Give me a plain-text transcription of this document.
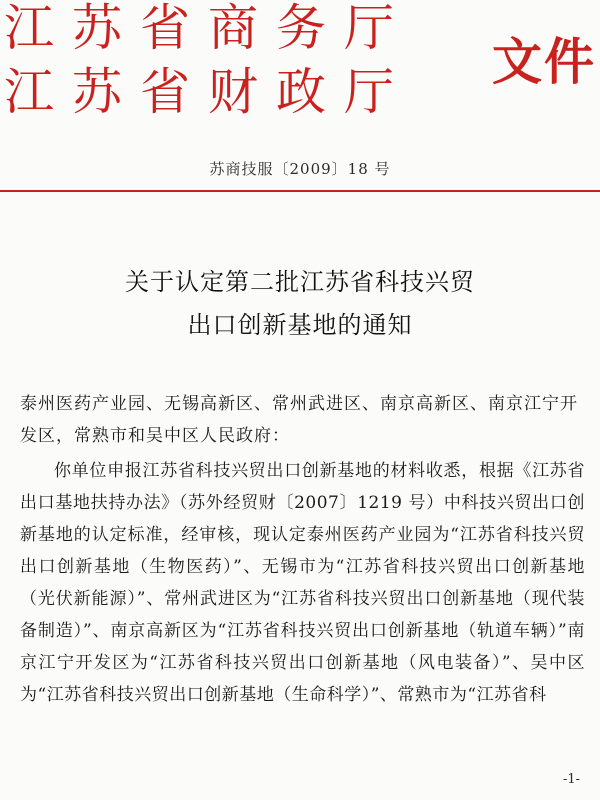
江苏省商务厅
江苏省财政厅
文件
苏商技服〔2009〕18 号
关于认定第二批江苏省科技兴贸
出口创新基地的通知
泰州医药产业园、无锡高新区、常州武进区、南京高新区、南京江宁开发区，常熟市和吴中区人民政府：
你单位申报江苏省科技兴贸出口创新基地的材料收悉，根据《江苏省出口基地扶持办法》（苏外经贸财〔2007〕1219 号）中科技兴贸出口创新基地的认定标准，经审核，现认定泰州医药产业园为“江苏省科技兴贸出口创新基地（生物医药）”、无锡市为“江苏省科技兴贸出口创新基地（光伏新能源）”、常州武进区为“江苏省科技兴贸出口创新基地（现代装备制造）”、南京高新区为“江苏省科技兴贸出口创新基地（轨道车辆）”南京江宁开发区为“江苏省科技兴贸出口创新基地（风电装备）”、吴中区为“江苏省科技兴贸出口创新基地（生命科学）”、常熟市为“江苏省科
-1-
